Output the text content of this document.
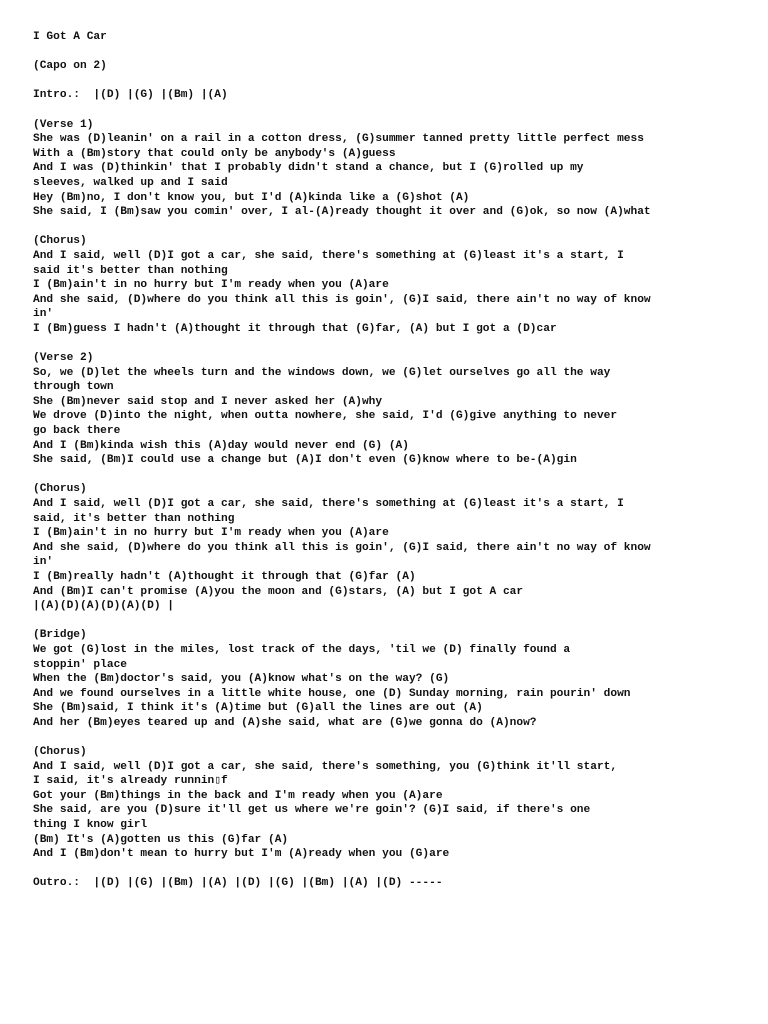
I Got A Car
(Capo on 2)
Intro.:  |(D) |(G) |(Bm) |(A)
(Verse 1)
She was (D)leanin' on a rail in a cotton dress, (G)summer tanned pretty little perfect mess
With a (Bm)story that could only be anybody's (A)guess
And I was (D)thinkin' that I probably didn't stand a chance, but I (G)rolled up my
sleeves, walked up and I said
Hey (Bm)no, I don't know you, but I'd (A)kinda like a (G)shot (A)
She said, I (Bm)saw you comin' over, I al-(A)ready thought it over and (G)ok, so now (A)what
(Chorus)
And I said, well (D)I got a car, she said, there's something at (G)least it's a start, I
said it's better than nothing
I (Bm)ain't in no hurry but I'm ready when you (A)are
And she said, (D)where do you think all this is goin', (G)I said, there ain't no way of know
in'
I (Bm)guess I hadn't (A)thought it through that (G)far, (A) but I got a (D)car
(Verse 2)
So, we (D)let the wheels turn and the windows down, we (G)let ourselves go all the way
through town
She (Bm)never said stop and I never asked her (A)why
We drove (D)into the night, when outta nowhere, she said, I'd (G)give anything to never
go back there
And I (Bm)kinda wish this (A)day would never end (G) (A)
She said, (Bm)I could use a change but (A)I don't even (G)know where to be-(A)gin
(Chorus)
And I said, well (D)I got a car, she said, there's something at (G)least it's a start, I
said, it's better than nothing
I (Bm)ain't in no hurry but I'm ready when you (A)are
And she said, (D)where do you think all this is goin', (G)I said, there ain't no way of know
in'
I (Bm)really hadn't (A)thought it through that (G)far (A)
And (Bm)I can't promise (A)you the moon and (G)stars, (A) but I got A car
|(A)(D)(A)(D)(A)(D) |
(Bridge)
We got (G)lost in the miles, lost track of the days, 'til we (D) finally found a
stoppin' place
When the (Bm)doctor's said, you (A)know what's on the way? (G)
And we found ourselves in a little white house, one (D) Sunday morning, rain pourin' down
She (Bm)said, I think it's (A)time but (G)all the lines are out (A)
And her (Bm)eyes teared up and (A)she said, what are (G)we gonna do (A)now?
(Chorus)
And I said, well (D)I got a car, she said, there's something, you (G)think it'll start,
I said, it's already runnin▯f
Got your (Bm)things in the back and I'm ready when you (A)are
She said, are you (D)sure it'll get us where we're goin'? (G)I said, if there's one
thing I know girl
(Bm) It's (A)gotten us this (G)far (A)
And I (Bm)don't mean to hurry but I'm (A)ready when you (G)are
Outro.:  |(D) |(G) |(Bm) |(A) |(D) |(G) |(Bm) |(A) |(D) -----
